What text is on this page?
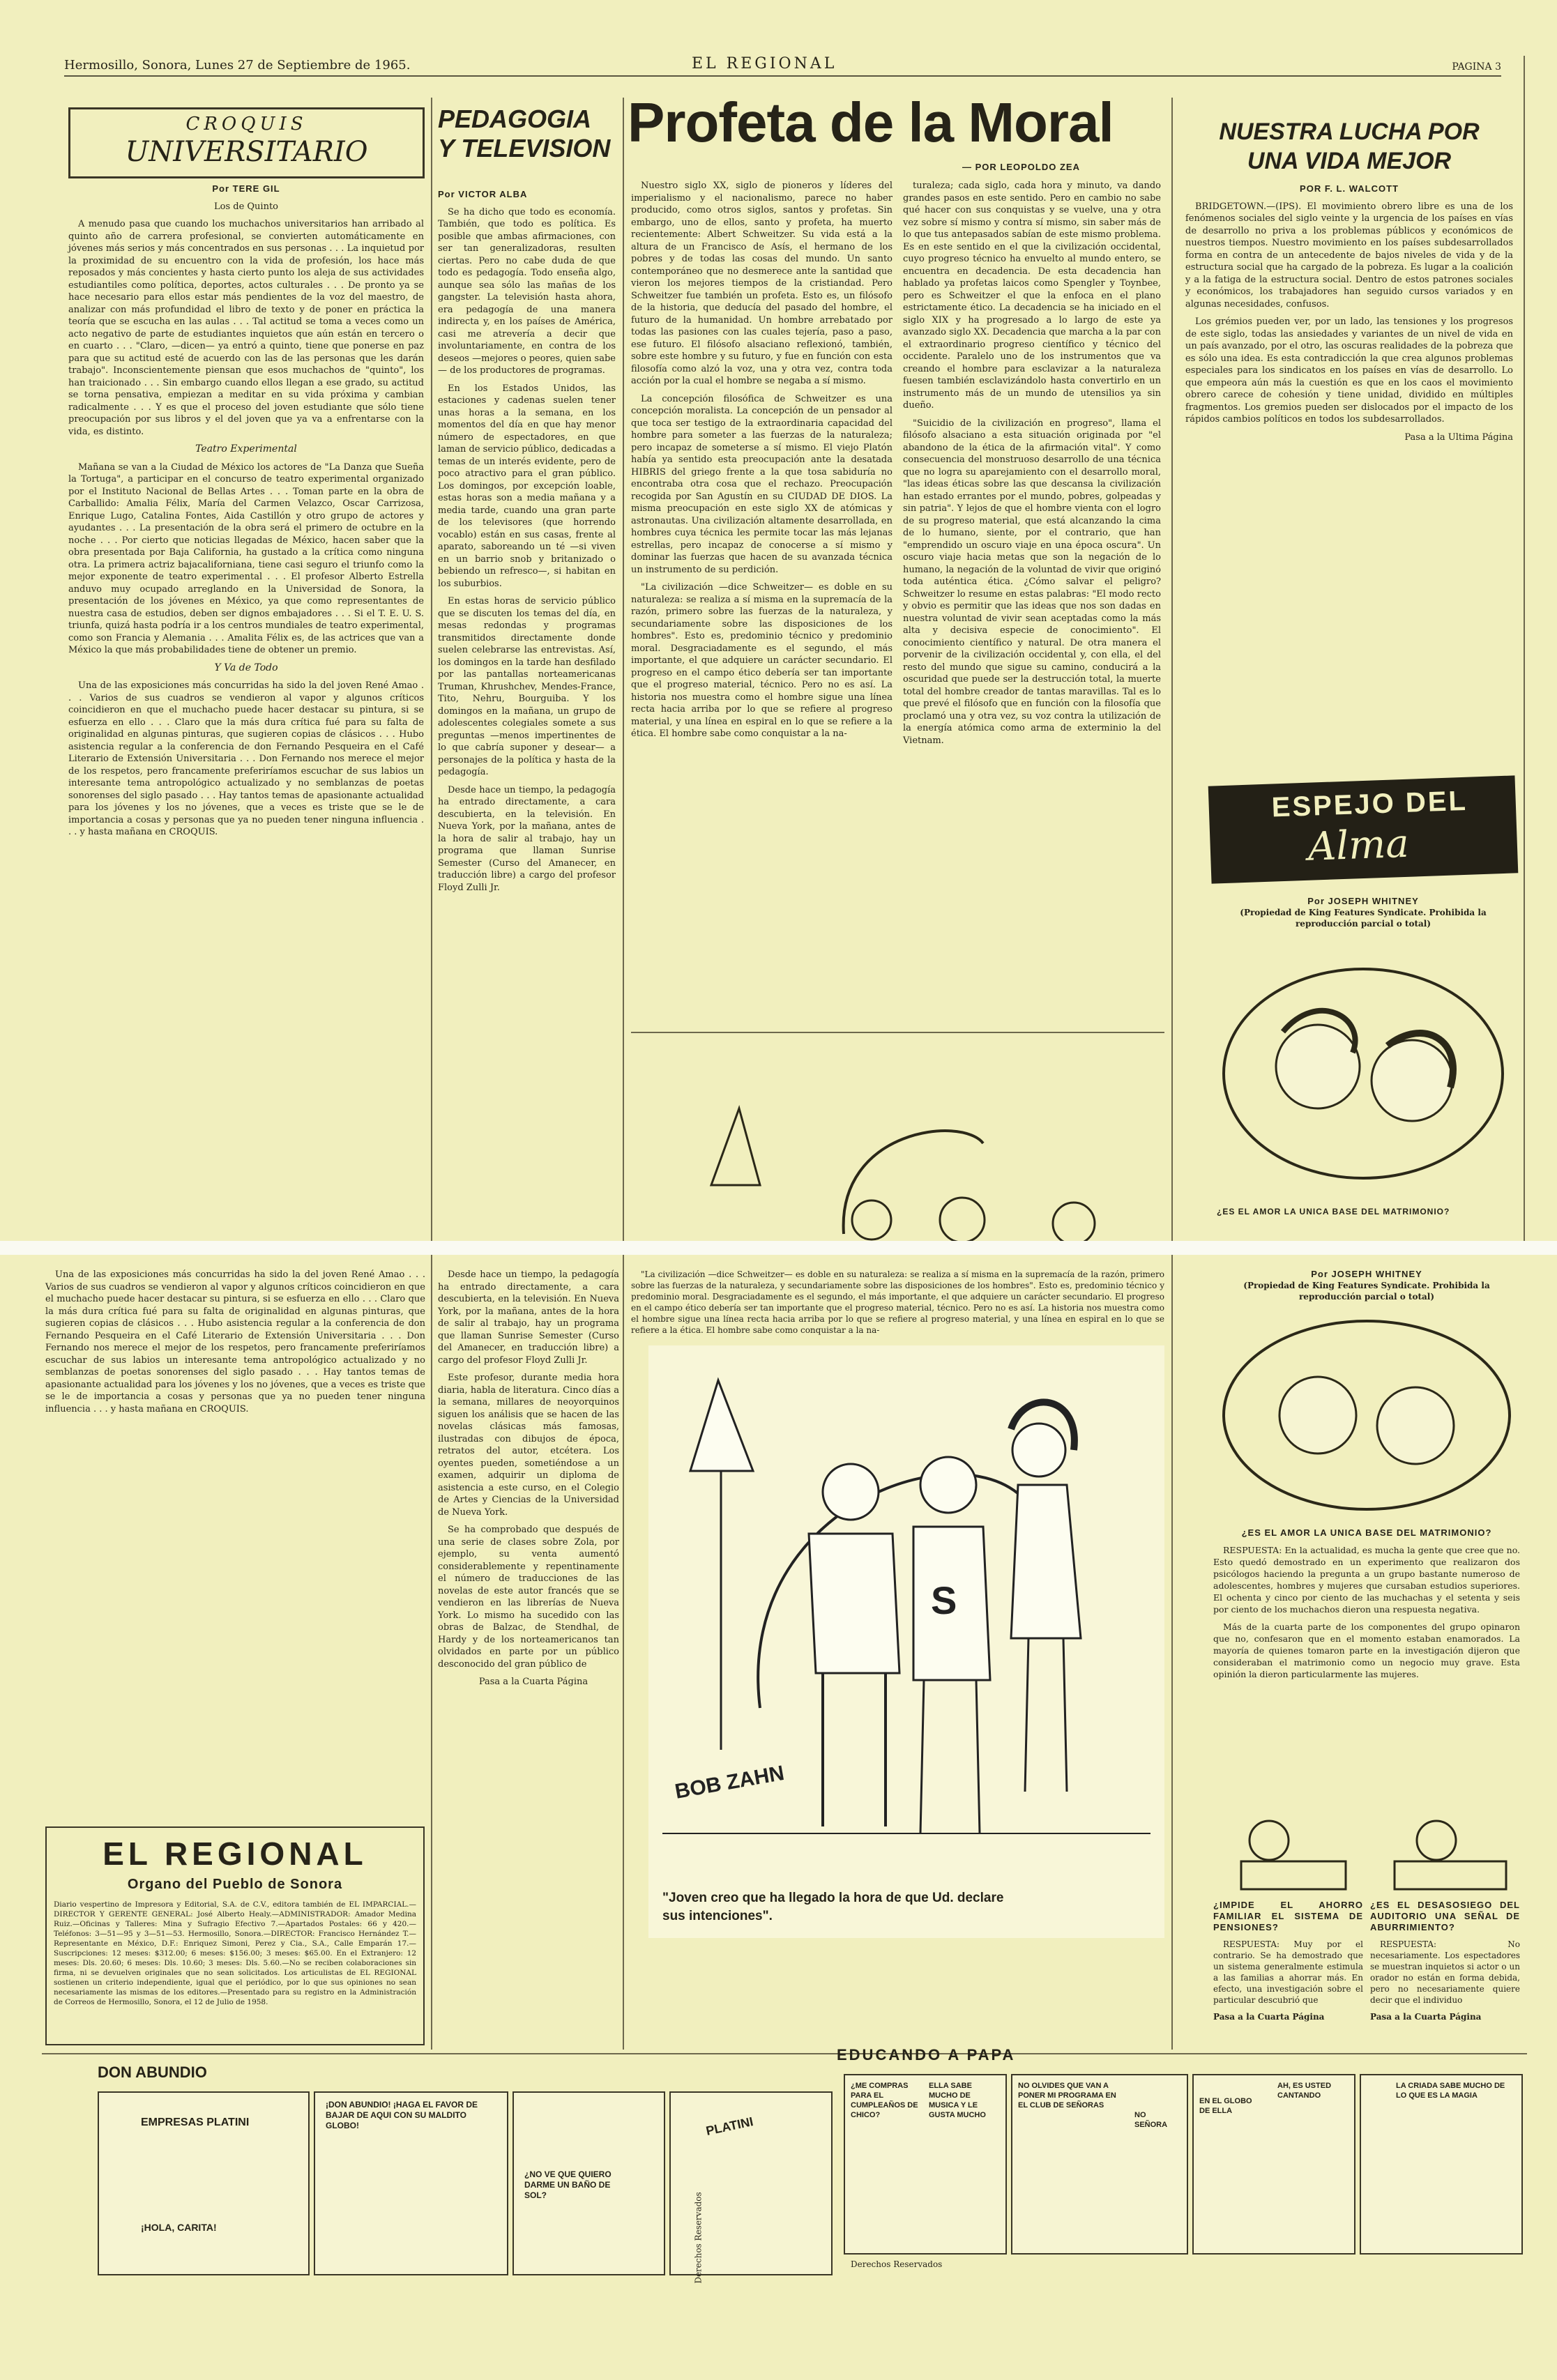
Hermosillo, Sonora, Lunes 27 de Septiembre de 1965.	EL REGIONAL	PAGINA 3
CROQUIS
UNIVERSITARIO

Por TERE GIL

Los de Quinto

A menudo pasa que cuando los muchachos universitarios han arribado al quinto año de carrera profesional, se convierten automáticamente en jóvenes más serios y más concentrados en sus personas . . . La inquietud por la proximidad de su encuentro con la vida de profesión, los hace más reposados y más concientes y hasta cierto punto los aleja de sus actividades estudiantiles como política, deportes, actos culturales . . . De pronto ya se hace necesario para ellos estar más pendientes de la voz del maestro, de analizar con más profundidad el libro de texto y de poner en práctica la teoría que se escucha en las aulas . . . Tal actitud se toma a veces como un acto negativo de parte de estudiantes inquietos que aún están en tercero o en cuarto . . . "Claro, —dicen— ya entró a quinto, tiene que ponerse en paz para que su actitud esté de acuerdo con las de las personas que les darán trabajo". Inconscientemente piensan que esos muchachos de "quinto", los han traicionado . . . Sin embargo cuando ellos llegan a ese grado, su actitud se torna pensativa, empiezan a meditar en su vida próxima y cambian radicalmente . . . Y es que el proceso del joven estudiante que sólo tiene preocupación por sus libros y el del joven que ya va a enfrentarse con la vida, es distinto.

Teatro Experimental

Mañana se van a la Ciudad de México los actores de "La Danza que Sueña la Tortuga", a participar en el concurso de teatro experimental organizado por el Instituto Nacional de Bellas Artes . . . Toman parte en la obra de Carballido: Amalia Félix, María del Carmen Velazco, Oscar Carrizosa, Enrique Lugo, Catalina Fontes, Aida Castillón y otro grupo de actores y ayudantes . . . La presentación de la obra será el primero de octubre en la noche . . . Por cierto que noticias llegadas de México, hacen saber que la obra presentada por Baja California, ha gustado a la crítica como ninguna otra. La primera actriz bajacaliforniana, tiene casi seguro el triunfo como la mejor exponente de teatro experimental . . . El profesor Alberto Estrella anduvo muy ocupado arreglando en la Universidad de Sonora, la presentación de los jóvenes en México, ya que como representantes de nuestra casa de estudios, deben ser dignos embajadores . . . Si el T. E. U. S. triunfa, quizá hasta podría ir a los centros mundiales de teatro experimental, como son Francia y Alemania . . . Amalita Félix es, de las actrices que van a México la que más probabilidades tiene de obtener un premio.

Y Va de Todo

Una de las exposiciones más concurridas ha sido la del joven René Amao . . . Varios de sus cuadros se vendieron al vapor y algunos críticos coincidieron en que el muchacho puede hacer destacar su pintura, si se esfuerza en ello . . . Claro que la más dura crítica fué para su falta de originalidad en algunas pinturas, que sugieren copias de clásicos . . . Hubo asistencia regular a la conferencia de don Fernando Pesqueira en el Café Literario de Extensión Universitaria . . . Don Fernando nos merece el mejor de los respetos, pero francamente preferiríamos escuchar de sus labios un interesante tema antropológico actualizado y no semblanzas de poetas sonorenses del siglo pasado . . . Hay tantos temas de apasionante actualidad para los jóvenes y los no jóvenes, que a veces es triste que se le de importancia a cosas y personas que ya no pueden tener ninguna influencia . . . y hasta mañana en CROQUIS.

PEDAGOGIA
Y TELEVISION

Por VICTOR ALBA

Se ha dicho que todo es economía. También, que todo es política. Es posible que ambas afirmaciones, con ser tan generalizadoras, resulten ciertas. Pero no cabe duda de que todo es pedagogía. Todo enseña algo, aunque sea sólo las mañas de los gangster. La televisión hasta ahora, era pedagogía de una manera indirecta y, en los países de América, casi me atrevería a decir que involuntariamente, en contra de los deseos —mejores o peores, quien sabe— de los productores de programas.

En los Estados Unidos, las estaciones y cadenas suelen tener unas horas a la semana, en los momentos del día en que hay menor número de espectadores, en que laman de servicio público, dedicadas a temas de un interés evidente, pero de poco atractivo para el gran público. Los domingos, por excepción loable, estas horas son a media mañana y a media tarde, cuando una gran parte de los televisores (que horrendo vocablo) están en sus casas, frente al aparato, saboreando un té —si viven en un barrio snob y britanizado o bebiendo un refresco—, si habitan en los suburbios.

En estas horas de servicio público que se discuten los temas del día, en mesas redondas y programas transmitidos directamente donde suelen celebrarse las entrevistas. Así, los domingos en la tarde han desfilado por las pantallas norteamericanas Truman, Khrushchev, Mendes-France, Tito, Nehru, Bourguiba. Y los domingos en la mañana, un grupo de adolescentes colegiales somete a sus preguntas —menos impertinentes de lo que cabría suponer y desear— a personajes de la política y hasta de la pedagogía.

Desde hace un tiempo, la pedagogía ha entrado directamente, a cara descubierta, en la televisión. En Nueva York, por la mañana, antes de la hora de salir al trabajo, hay un programa que llaman Sunrise Semester (Curso del Amanecer, en traducción libre) a cargo del profesor Floyd Zulli Jr.

Profeta de la Moral
— POR LEOPOLDO ZEA

Nuestro siglo XX, siglo de pioneros y líderes del imperialismo y el nacionalismo, parece no haber producido, como otros siglos, santos y profetas. Sin embargo, uno de ellos, santo y profeta, ha muerto recientemente: Albert Schweitzer. Su vida está a la altura de un Francisco de Asís, el hermano de los pobres y de todas las cosas del mundo. Un santo contemporáneo que no desmerece ante la santidad que vieron los mejores tiempos de la cristiandad. Pero Schweitzer fue también un profeta. Esto es, un filósofo de la historia, que deducía del pasado del hombre, el futuro de la humanidad. Un hombre arrebatado por todas las pasiones con las cuales tejería, paso a paso, ese futuro. El filósofo alsaciano reflexionó, también, sobre este hombre y su futuro, y fue en función con esta filosofía como alzó la voz, una y otra vez, contra toda acción por la cual el hombre se negaba a sí mismo.

La concepción filosófica de Schweitzer es una concepción moralista. La concepción de un pensador al que toca ser testigo de la extraordinaria capacidad del hombre para someter a las fuerzas de la naturaleza; pero incapaz de someterse a sí mismo. El viejo Platón había ya sentido esta preocupación ante la desatada HIBRIS del griego frente a la que tosa sabiduría no encontraba otra cosa que el rechazo. Preocupación recogida por San Agustín en su CIUDAD DE DIOS. La misma preocupación en este siglo XX de atómicas y astronautas. Una civilización altamente desarrollada, en hombres cuya técnica les permite tocar las más lejanas estrellas, pero incapaz de conocerse a sí mismo y dominar las fuerzas que hacen de su avanzada técnica un instrumento de su perdición.

"La civilización —dice Schweitzer— es doble en su naturaleza: se realiza a sí misma en la supremacía de la razón, primero sobre las fuerzas de la naturaleza, y secundariamente sobre las disposiciones de los hombres". Esto es, predominio técnico y predominio moral. Desgraciadamente es el segundo, el más importante, el que adquiere un carácter secundario. El progreso en el campo ético debería ser tan importante que el progreso material, técnico. Pero no es así. La historia nos muestra como el hombre sigue una línea recta hacia arriba por lo que se refiere al progreso material, y una línea en espiral en lo que se refiere a la ética. El hombre sabe como conquistar a la na-

turaleza; cada siglo, cada hora y minuto, va dando grandes pasos en este sentido. Pero en cambio no sabe qué hacer con sus conquistas y se vuelve, una y otra vez sobre sí mismo y contra sí mismo, sin saber más de lo que tus antepasados sabían de este mismo problema. Es en este sentido en el que la civilización occidental, cuyo progreso técnico ha envuelto al mundo entero, se encuentra en decadencia. De esta decadencia han hablado ya profetas laicos como Spengler y Toynbee, pero es Schweitzer el que la enfoca en el plano estrictamente ético. La decadencia se ha iniciado en el siglo XIX y ha progresado a lo largo de este ya avanzado siglo XX. Decadencia que marcha a la par con el extraordinario progreso científico y técnico del occidente. Paralelo uno de los instrumentos que va creando el hombre para esclavizar a la naturaleza fuesen también esclavizándolo hasta convertirlo en un instrumento más de un mundo de utensilios ya sin dueño.

"Suicidio de la civilización en progreso", llama el filósofo alsaciano a esta situación originada por "el abandono de la ética de la afirmación vital". Y como consecuencia del monstruoso desarrollo de una técnica que no logra su aparejamiento con el desarrollo moral, "las ideas éticas sobre las que descansa la civilización han estado errantes por el mundo, pobres, golpeadas y sin patria". Y lejos de que el hombre vienta con el logro de su progreso material, que está alcanzando la cima de lo humano, siente, por el contrario, que han "emprendido un oscuro viaje en una época oscura". Un oscuro viaje hacia metas que son la negación de lo humano, la negación de la voluntad de vivir que originó toda auténtica ética. ¿Cómo salvar el peligro? Schweitzer lo resume en estas palabras: "El modo recto y obvio es permitir que las ideas que nos son dadas en nuestra voluntad de vivir sean aceptadas como la más alta y decisiva especie de conocimiento". El conocimiento científico y natural. De otra manera el porvenir de la civilización occidental y, con ella, el del resto del mundo que sigue su camino, conducirá a la oscuridad que puede ser la destrucción total, la muerte total del hombre creador de tantas maravillas. Tal es lo que prevé el filósofo que en función con la filosofía que proclamó una y otra vez, su voz contra la utilización de la energía atómica como arma de exterminio la del Vietnam.

NUESTRA LUCHA POR
UNA VIDA MEJOR

POR F. L. WALCOTT

BRIDGETOWN.—(IPS). El movimiento obrero libre es una de los fenómenos sociales del siglo veinte y la urgencia de los países en vías de desarrollo no priva a los problemas públicos y económicos de nuestros tiempos. Nuestro movimiento en los países subdesarrollados forma en contra de un antecedente de bajos niveles de vida y de la estructura social que ha cargado de la pobreza. Es lugar a la coalición y a la fatiga de la estructura social. Dentro de estos patrones sociales y económicos, los trabajadores han seguido cursos variados y en algunas necesidades, confusos.

Los grémios pueden ver, por un lado, las tensiones y los progresos de este siglo, todas las ansiedades y variantes de un nivel de vida en un país avanzado, por el otro, las oscuras realidades de la pobreza que es sólo una idea. Es esta contradicción la que crea algunos problemas especiales para los sindicatos en los países en vías de desarrollo. Lo que empeora aún más la cuestión es que en los caos el movimiento obrero carece de cohesión y tiene unidad, dividido en múltiples fragmentos. Los gremios pueden ser dislocados por el impacto de los rápidos cambios políticos en todos los subdesarrollados.

Pasa a la Ultima Página

ESPEJO DEL
Alma
Por JOSEPH WHITNEY
(Propiedad de King Features Syndicate. Prohibida la reproducción parcial o total)
¿ES EL AMOR LA UNICA BASE DEL MATRIMONIO?

Una de las exposiciones más concurridas ha sido la del joven René Amao . . . Varios de sus cuadros se vendieron al vapor y algunos críticos coincidieron en que el muchacho puede hacer destacar su pintura, si se esfuerza en ello . . . Claro que la más dura crítica fué para su falta de originalidad en algunas pinturas, que sugieren copias de clásicos . . . Hubo asistencia regular a la conferencia de don Fernando Pesqueira en el Café Literario de Extensión Universitaria . . . Don Fernando nos merece el mejor de los respetos, pero francamente preferiríamos escuchar de sus labios un interesante tema antropológico actualizado y no semblanzas de poetas sonorenses del siglo pasado . . . Hay tantos temas de apasionante actualidad para los jóvenes y los no jóvenes, que a veces es triste que se le de importancia a cosas y personas que ya no pueden tener ninguna influencia . . . y hasta mañana en CROQUIS.

EL REGIONAL
Organo del Pueblo de Sonora
Diario vespertino de Impresora y Editorial, S.A. de C.V., editora también de EL IMPARCIAL.—DIRECTOR Y GERENTE GENERAL: José Alberto Healy.—ADMINISTRADOR: Amador Medina Ruiz.—Oficinas y Talleres: Mina y Sufragio Efectivo 7.—Apartados Postales: 66 y 420.—Teléfonos: 3—51—95 y 3—51—53. Hermosillo, Sonora.—DIRECTOR: Francisco Hernández T.—Representante en México, D.F.: Enriquez Simoni, Perez y Cia., S.A., Calle Emparán 17.—Suscripciones: 12 meses: $312.00; 6 meses: $156.00; 3 meses: $65.00. En el Extranjero: 12 meses: Dls. 20.60; 6 meses: Dls. 10.60; 3 meses: Dls. 5.60.—No se reciben colaboraciones sin firma, ni se devuelven originales que no sean solicitados. Los articulistas de EL REGIONAL sostienen un criterio independiente, igual que el periódico, por lo que sus opiniones no sean necesariamente las mismas de los editores.—Presentado para su registro en la Administración de Correos de Hermosillo, Sonora, el 12 de Julio de 1958.

Desde hace un tiempo, la pedagogía ha entrado directamente, a cara descubierta, en la televisión. En Nueva York, por la mañana, antes de la hora de salir al trabajo, hay un programa que llaman Sunrise Semester (Curso del Amanecer, en traducción libre) a cargo del profesor Floyd Zulli Jr.

Este profesor, durante media hora diaria, habla de literatura. Cinco días a la semana, millares de neoyorquinos siguen los análisis que se hacen de las novelas clásicas más famosas, ilustradas con dibujos de época, retratos del autor, etcétera. Los oyentes pueden, sometiéndose a un examen, adquirir un diploma de asistencia a este curso, en el Colegio de Artes y Ciencias de la Universidad de Nueva York.

Se ha comprobado que después de una serie de clases sobre Zola, por ejemplo, su venta aumentó considerablemente y repentinamente el número de traducciones de las novelas de este autor francés que se vendieron en las librerías de Nueva York. Lo mismo ha sucedido con las obras de Balzac, de Stendhal, de Hardy y de los norteamericanos tan olvidados en parte por un público desconocido del gran público de

Pasa a la Cuarta Página

"La civilización —dice Schweitzer— es doble en su naturaleza: se realiza a sí misma en la supremacía de la razón, primero sobre las fuerzas de la naturaleza, y secundariamente sobre las disposiciones de los hombres". Esto es, predominio técnico y predominio moral. Desgraciadamente es el segundo, el más importante, el que adquiere un carácter secundario. El progreso en el campo ético debería ser tan importante que el progreso material, técnico. Pero no es así. La historia nos muestra como el hombre sigue una línea recta hacia arriba por lo que se refiere al progreso material, y una línea en espiral en lo que se refiere a la ética. El hombre sabe como conquistar a la na-

S
BOB ZAHN
"Joven creo que ha llegado la hora de que Ud. declare
sus intenciones".
Por JOSEPH WHITNEY
(Propiedad de King Features Syndicate. Prohibida la reproducción parcial o total)

¿ES EL AMOR LA UNICA BASE DEL MATRIMONIO?

RESPUESTA: En la actualidad, es mucha la gente que cree que no. Esto quedó demostrado en un experimento que realizaron dos psicólogos haciendo la pregunta a un grupo bastante numeroso de adolescentes, hombres y mujeres que cursaban estudios superiores. El ochenta y cinco por ciento de las muchachas y el setenta y seis por ciento de los muchachos dieron una respuesta negativa.

Más de la cuarta parte de los componentes del grupo opinaron que no, confesaron que en el momento estaban enamorados. La mayoría de quienes tomaron parte en la investigación dijeron que consideraban el matrimonio como un negocio muy grave. Esta opinión la dieron particularmente las mujeres.

¿IMPIDE EL AHORRO FAMILIAR EL SISTEMA DE PENSIONES?

RESPUESTA: Muy por el contrario. Se ha demostrado que un sistema generalmente estimula a las familias a ahorrar más. En efecto, una investigación sobre el particular descubrió que

Pasa a la Cuarta Página

¿ES EL DESASOSIEGO DEL AUDITORIO UNA SEÑAL DE ABURRIMIENTO?

RESPUESTA: No necesariamente. Los espectadores se muestran inquietos si actor o un orador no están en forma debida, pero no necesariamente quiere decir que el individuo

Pasa a la Cuarta Página

DON ABUNDIO
EDUCANDO A PAPA
EMPRESAS PLATINI
¡HOLA, CARITA!
¡DON ABUNDIO! ¡HAGA EL FAVOR DE BAJAR DE AQUI CON SU MALDITO GLOBO!
¿NO VE QUE QUIERO DARME UN BAÑO DE SOL?
PLATINI
Derechos Reservados
¿ME COMPRAS PARA EL CUMPLEAÑOS DE CHICO?
ELLA SABE MUCHO DE MUSICA Y LE GUSTA MUCHO
NO OLVIDES QUE VAN A PONER MI PROGRAMA EN EL CLUB DE SEÑORAS
NO SEÑORA
EN EL GLOBO DE ELLA
AH, ES USTED CANTANDO
LA CRIADA SABE MUCHO DE LO QUE ES LA MAGIA
Derechos Reservados
